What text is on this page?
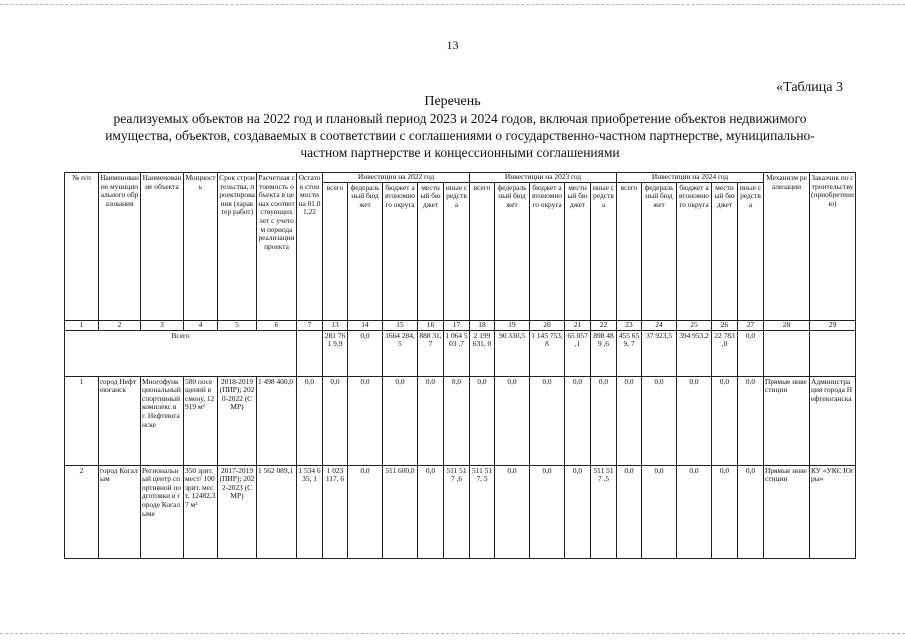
13
«Таблица 3
Перечень
реализуемых объектов на 2022 год и плановый период 2023 и 2024 годов, включая приобретение объектов недвижимого имущества, объектов, создаваемых в соответствии с соглашениями о государственно-частном партнерстве, муниципально-частном партнерстве и концессионными соглашениями
№ п/п	Наименование муниципального образования	Наименование объекта	Мощность	Срок строительства, проектирования (характер работ)	Расчетная стоимость объекта в ценах соответствующих лет с учетом периода реализации проекта	Остаток стоимости на 01.01.22	Инвестиции на 2022 год					Инвестиции на 2023 год					Инвестиции на 2024 год					Механизм реализации	Заказчик по строительству (приобретению)
							всего	федеральный бюджет	бюджет автономного округа	местный бюджет	иные средства	всего	федеральный бюджет	бюджет автономного округа	местный бюджет	иные средства	всего	федеральный бюджет	бюджет автономного округа	местный бюджет	иные средства		
1	2	3	4	5	6	7	13	14	15	16	17	18	19	20	21	22	23	24	25	26	27	28	29
Всего							281 761 9,9	0,0	1664 284,5	888 31, 7	1 064 503 ,7	2 199 631, 0	90 330,5	1 145 753,8	65 057 ,1	898 489 ,6	455 659, 7	37 923,5	394 953,2	22 783 ,0	0,0		
1	город Нефтеюганск	Многофункциональный спортивный комплекс в г. Нефтеюганске	580 посещений в смену, 12919 м²	2018-2019 (ПИР); 2020-2022 (СМР)	1 498 400,0	0,0	0,0	0,0	0,0	0,0	0,0	0,0	0,0	0,0	0,0	0,0	0,0	0,0	0,0	0,0	0,0	Прямые инвестиции	Администрация города Нефтеюганска
2	город Когалым	Региональный центр спортивной подготовки в городе Когалыме	350 зрит. мест/ 100 зрит. мест, 12482,37 м²	2017-2019 (ПИР); 2022-2023 (СМР)	1 562 089,1	1 534 635, 1	1 023 117, 6	0,0	511 600,0	0,0	511 517 ,6	511 517, 5	0,0	0,0	0,0	511 517 ,5	0,0	0,0	0,0	0,0	0,0	Прямые инвестиции	КУ «УКС Югры»
